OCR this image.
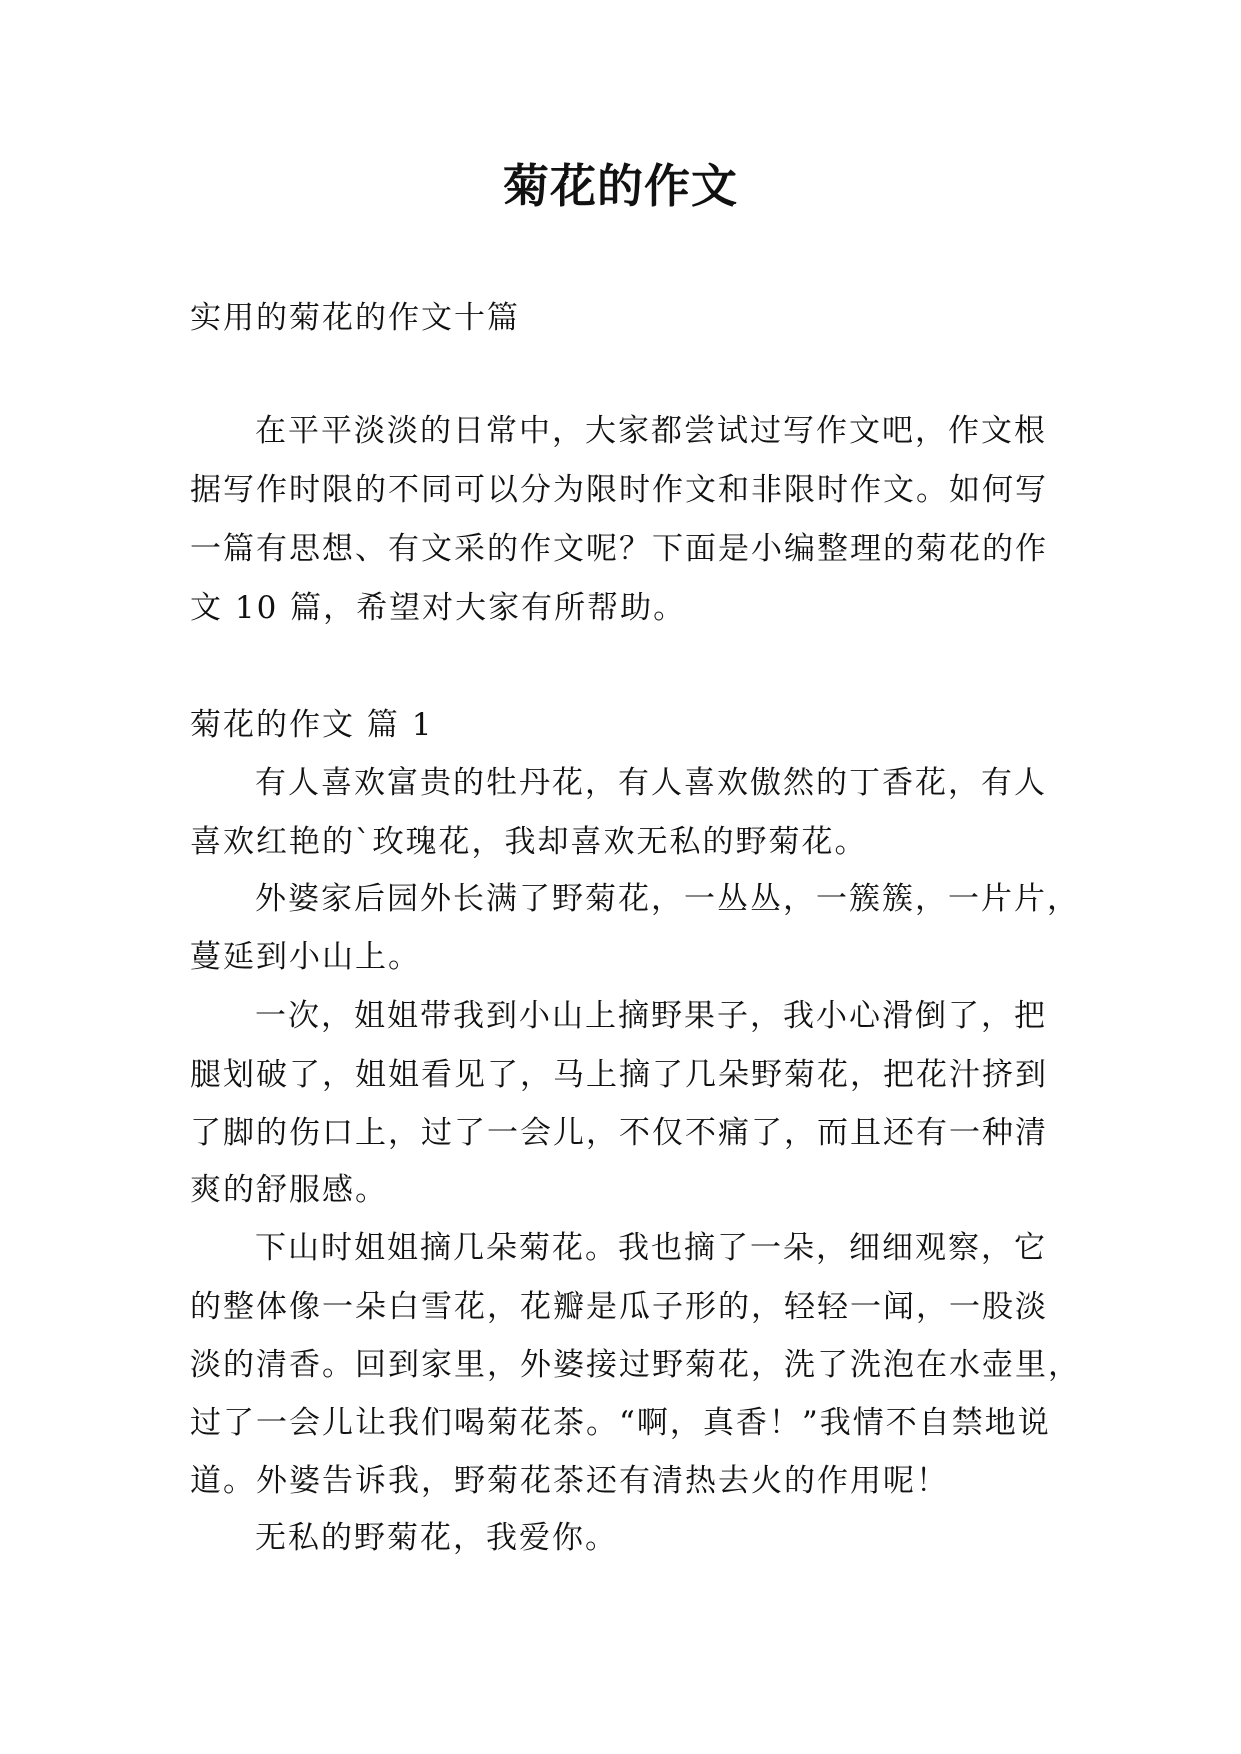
菊花的作文
实用的菊花的作文十篇
在平平淡淡的日常中，大家都尝试过写作文吧，作文根
据写作时限的不同可以分为限时作文和非限时作文。如何写
一篇有思想、有文采的作文呢？下面是小编整理的菊花的作
文 10 篇，希望对大家有所帮助。
菊花的作文 篇 1
有人喜欢富贵的牡丹花，有人喜欢傲然的丁香花，有人
喜欢红艳的`玫瑰花，我却喜欢无私的野菊花。
外婆家后园外长满了野菊花，一丛丛，一簇簇，一片片，
蔓延到小山上。
一次，姐姐带我到小山上摘野果子，我小心滑倒了，把
腿划破了，姐姐看见了，马上摘了几朵野菊花，把花汁挤到
了脚的伤口上，过了一会儿，不仅不痛了，而且还有一种清
爽的舒服感。
下山时姐姐摘几朵菊花。我也摘了一朵，细细观察，它
的整体像一朵白雪花，花瓣是瓜子形的，轻轻一闻，一股淡
淡的清香。回到家里，外婆接过野菊花，洗了洗泡在水壶里，
过了一会儿让我们喝菊花茶。“啊，真香！”我情不自禁地说
道。外婆告诉我，野菊花茶还有清热去火的作用呢！
无私的野菊花，我爱你。
